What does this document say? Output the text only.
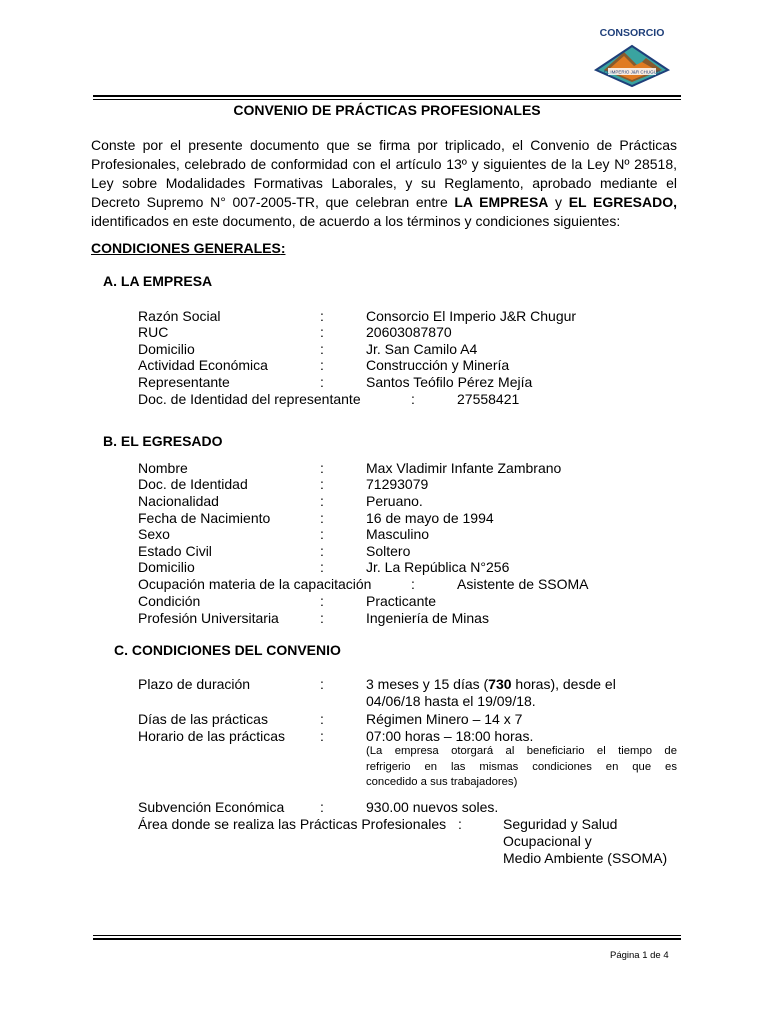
CONSORCIO
EL IMPERIO J&R CHUGUR
CONVENIO DE PRÁCTICAS PROFESIONALES
Conste por el presente documento que se firma por triplicado, el Convenio de Prácticas
Profesionales, celebrado de conformidad con el artículo 13º y siguientes de la Ley Nº 28518,
Ley sobre Modalidades Formativas Laborales, y su Reglamento, aprobado mediante el
Decreto Supremo N° 007-2005-TR, que celebran entre LA EMPRESA y EL EGRESADO,
identificados en este documento, de acuerdo a los términos y condiciones siguientes:
CONDICIONES GENERALES:
A. LA EMPRESA
Razón Social	:	Consorcio El Imperio J&R Chugur
RUC	:	20603087870
Domicilio	:	Jr. San Camilo A4
Actividad Económica	:	Construcción y Minería
Representante	:	Santos Teófilo Pérez Mejía
Doc. de Identidad del representante	:	27558421
B. EL EGRESADO
Nombre	:	Max Vladimir Infante Zambrano
Doc. de Identidad	:	71293079
Nacionalidad	:	Peruano.
Fecha de Nacimiento	:	16 de mayo de 1994
Sexo	:	Masculino
Estado Civil	:	Soltero
Domicilio	:	Jr. La República N°256
Ocupación materia de la capacitación	:	Asistente de SSOMA
Condición	:	Practicante
Profesión Universitaria	:	Ingeniería de Minas
C. CONDICIONES DEL CONVENIO
Plazo de duración	:	3 meses y 15 días (730 horas), desde el
04/06/18 hasta el 19/09/18.
Días de las prácticas	:	Régimen Minero – 14 x 7
Horario de las prácticas :	07:00 horas – 18:00 horas.
(La empresa otorgará al beneficiario el tiempo de
refrigerio en las mismas condiciones en que es
concedido a sus trabajadores)
Subvención Económica	:	930.00 nuevos soles.
Área donde se realiza las Prácticas Profesionales :	Seguridad y Salud
Ocupacional y
Medio Ambiente (SSOMA)
Página 1 de 4
